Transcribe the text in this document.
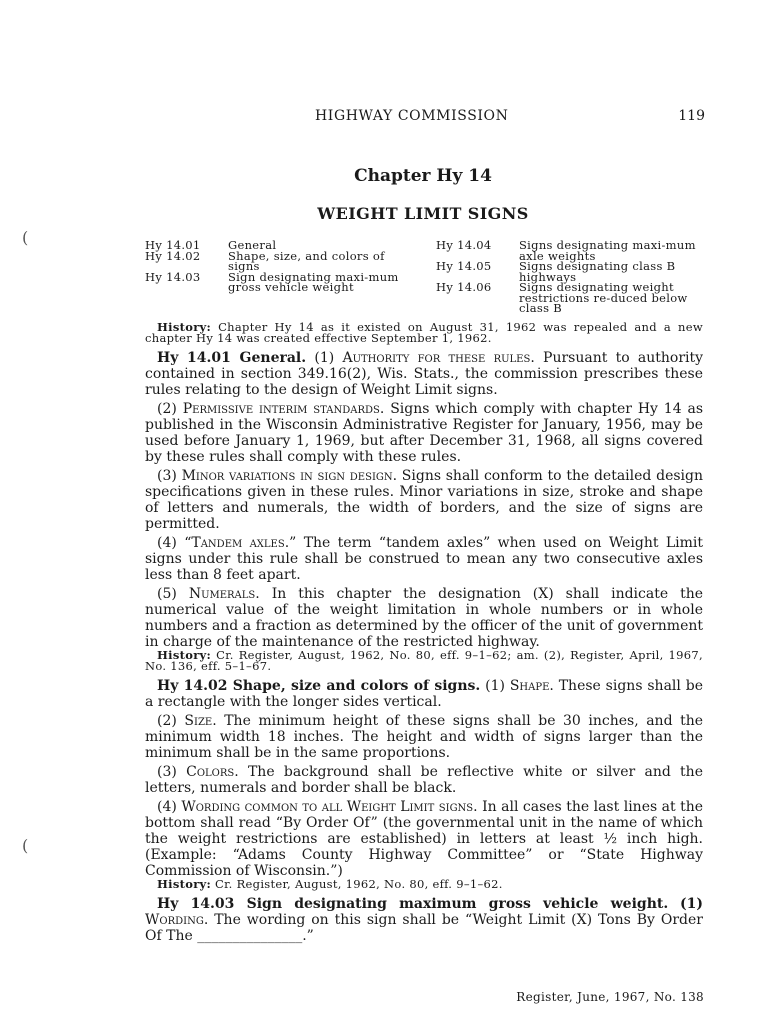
(
(
HIGHWAY COMMISSION	119
Chapter Hy 14
WEIGHT LIMIT SIGNS
Hy 14.01	General
Hy 14.02	Shape, size, and colors of signs
Hy 14.03	Sign designating maxi-mum gross vehicle weight
Hy 14.04	Signs designating maxi-mum axle weights
Hy 14.05	Signs designating class B highways
Hy 14.06	Signs designating weight restrictions re-duced below class B

History: Chapter Hy 14 as it existed on August 31, 1962 was repealed and a new chapter Hy 14 was created effective September 1, 1962.

Hy 14.01 General. (1) Authority for these rules. Pursuant to authority contained in section 349.16(2), Wis. Stats., the commission prescribes these rules relating to the design of Weight Limit signs.

(2) Permissive interim standards. Signs which comply with chapter Hy 14 as published in the Wisconsin Administrative Register for January, 1956, may be used before January 1, 1969, but after December 31, 1968, all signs covered by these rules shall comply with these rules.

(3) Minor variations in sign design. Signs shall conform to the detailed design specifications given in these rules. Minor variations in size, stroke and shape of letters and numerals, the width of borders, and the size of signs are permitted.

(4) “Tandem axles.” The term “tandem axles” when used on Weight Limit signs under this rule shall be construed to mean any two consecutive axles less than 8 feet apart.

(5) Numerals. In this chapter the designation (X) shall indicate the numerical value of the weight limitation in whole numbers or in whole numbers and a fraction as determined by the officer of the unit of government in charge of the maintenance of the restricted highway.

History: Cr. Register, August, 1962, No. 80, eff. 9–1–62; am. (2), Register, April, 1967, No. 136, eff. 5–1–67.

Hy 14.02 Shape, size and colors of signs. (1) Shape. These signs shall be a rectangle with the longer sides vertical.

(2) Size. The minimum height of these signs shall be 30 inches, and the minimum width 18 inches. The height and width of signs larger than the minimum shall be in the same proportions.

(3) Colors. The background shall be reflective white or silver and the letters, numerals and border shall be black.

(4) Wording common to all Weight Limit signs. In all cases the last lines at the bottom shall read “By Order Of” (the governmental unit in the name of which the weight restrictions are established) in letters at least ½ inch high. (Example: “Adams County Highway Committee” or “State Highway Commission of Wisconsin.”)

History: Cr. Register, August, 1962, No. 80, eff. 9–1–62.

Hy 14.03 Sign designating maximum gross vehicle weight. (1) Wording. The wording on this sign shall be “Weight Limit (X) Tons By Order Of The _______________.”

Register, June, 1967, No. 138
